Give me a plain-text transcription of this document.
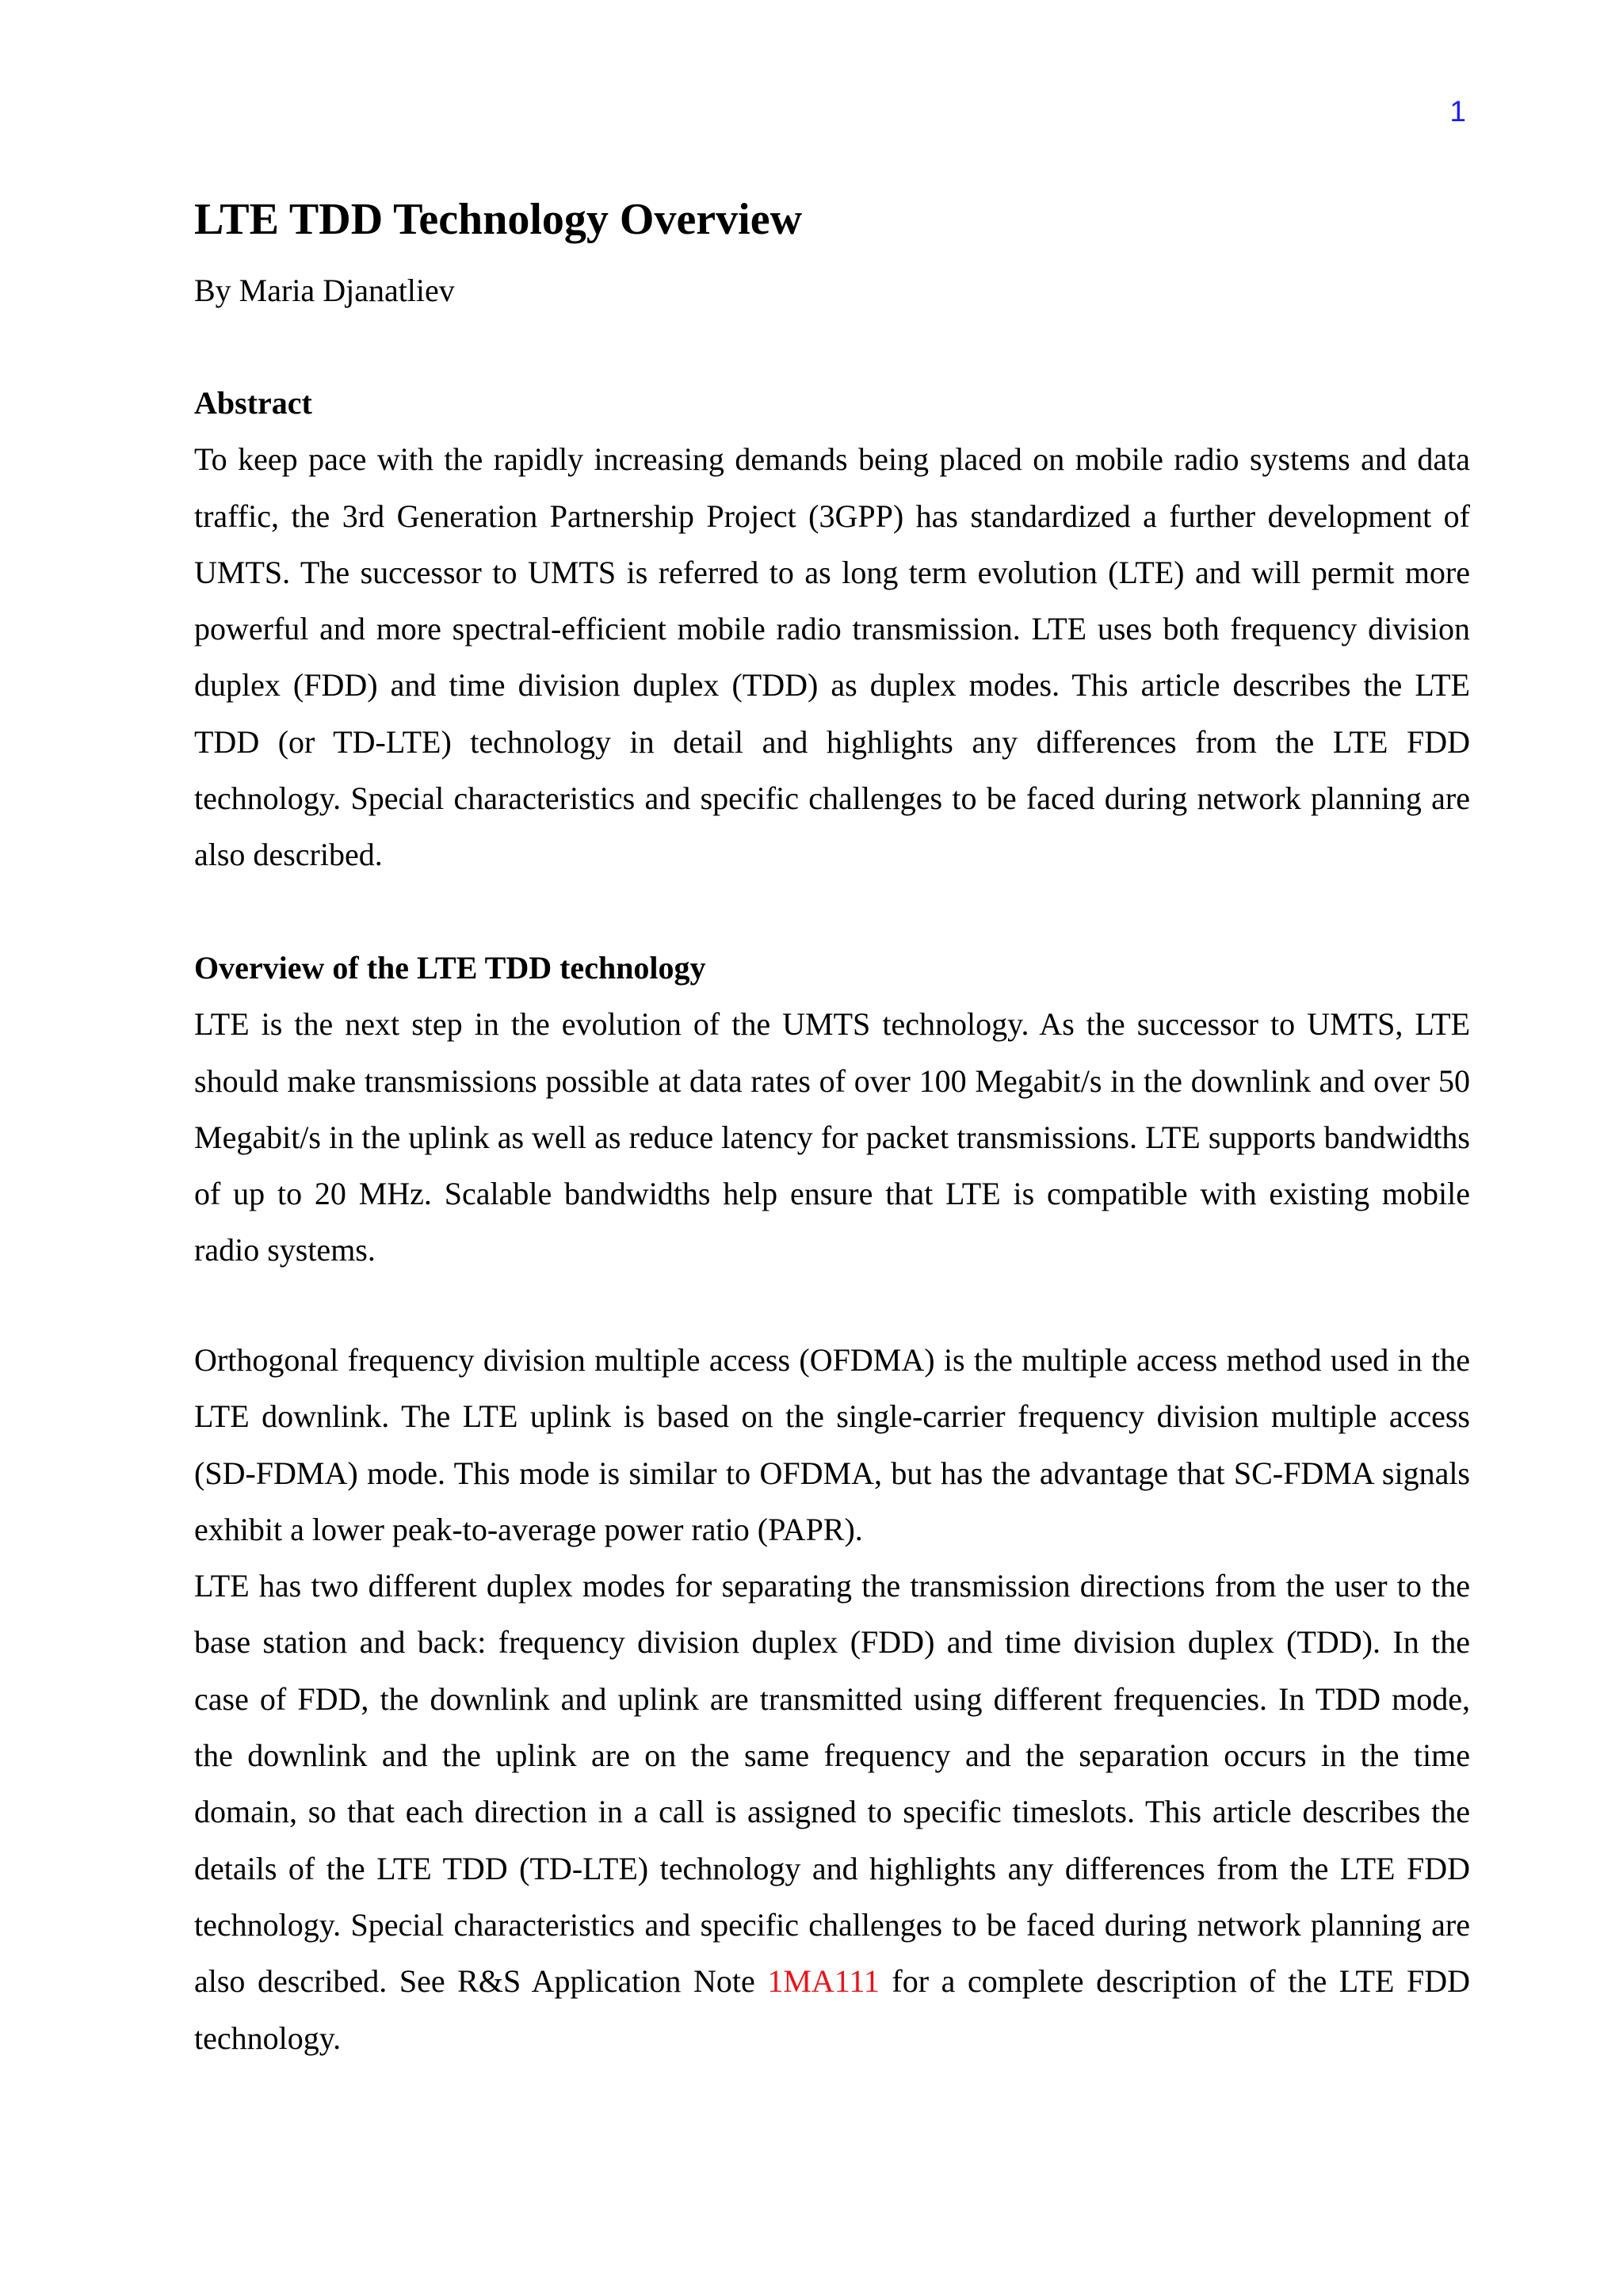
1
LTE TDD Technology Overview
By Maria Djanatliev

Abstract

To keep pace with the rapidly increasing demands being placed on mobile radio systems and data traffic, the 3rd Generation Partnership Project (3GPP) has standardized a further development of UMTS. The successor to UMTS is referred to as long term evolution (LTE) and will permit more powerful and more spectral-efficient mobile radio transmission. LTE uses both frequency division duplex (FDD) and time division duplex (TDD) as duplex modes. This article describes the LTE TDD (or TD-LTE) technology in detail and highlights any differences from the LTE FDD technology. Special characteristics and specific challenges to be faced during network planning are also described.

Overview of the LTE TDD technology

LTE is the next step in the evolution of the UMTS technology. As the successor to UMTS, LTE should make transmissions possible at data rates of over 100 Megabit/s in the downlink and over 50 Megabit/s in the uplink as well as reduce latency for packet transmissions. LTE supports bandwidths of up to 20 MHz. Scalable bandwidths help ensure that LTE is compatible with existing mobile radio systems.

Orthogonal frequency division multiple access (OFDMA) is the multiple access method used in the LTE downlink. The LTE uplink is based on the single-carrier frequency division multiple access (SD-FDMA) mode. This mode is similar to OFDMA, but has the advantage that SC-FDMA signals exhibit a lower peak-to-average power ratio (PAPR).

LTE has two different duplex modes for separating the transmission directions from the user to the base station and back: frequency division duplex (FDD) and time division duplex (TDD). In the case of FDD, the downlink and uplink are transmitted using different frequencies. In TDD mode, the downlink and the uplink are on the same frequency and the separation occurs in the time domain, so that each direction in a call is assigned to specific timeslots. This article describes the details of the LTE TDD (TD-LTE) technology and highlights any differences from the LTE FDD technology. Special characteristics and specific challenges to be faced during network planning are also described. See R&S Application Note 1MA111 for a complete description of the LTE FDD technology.
